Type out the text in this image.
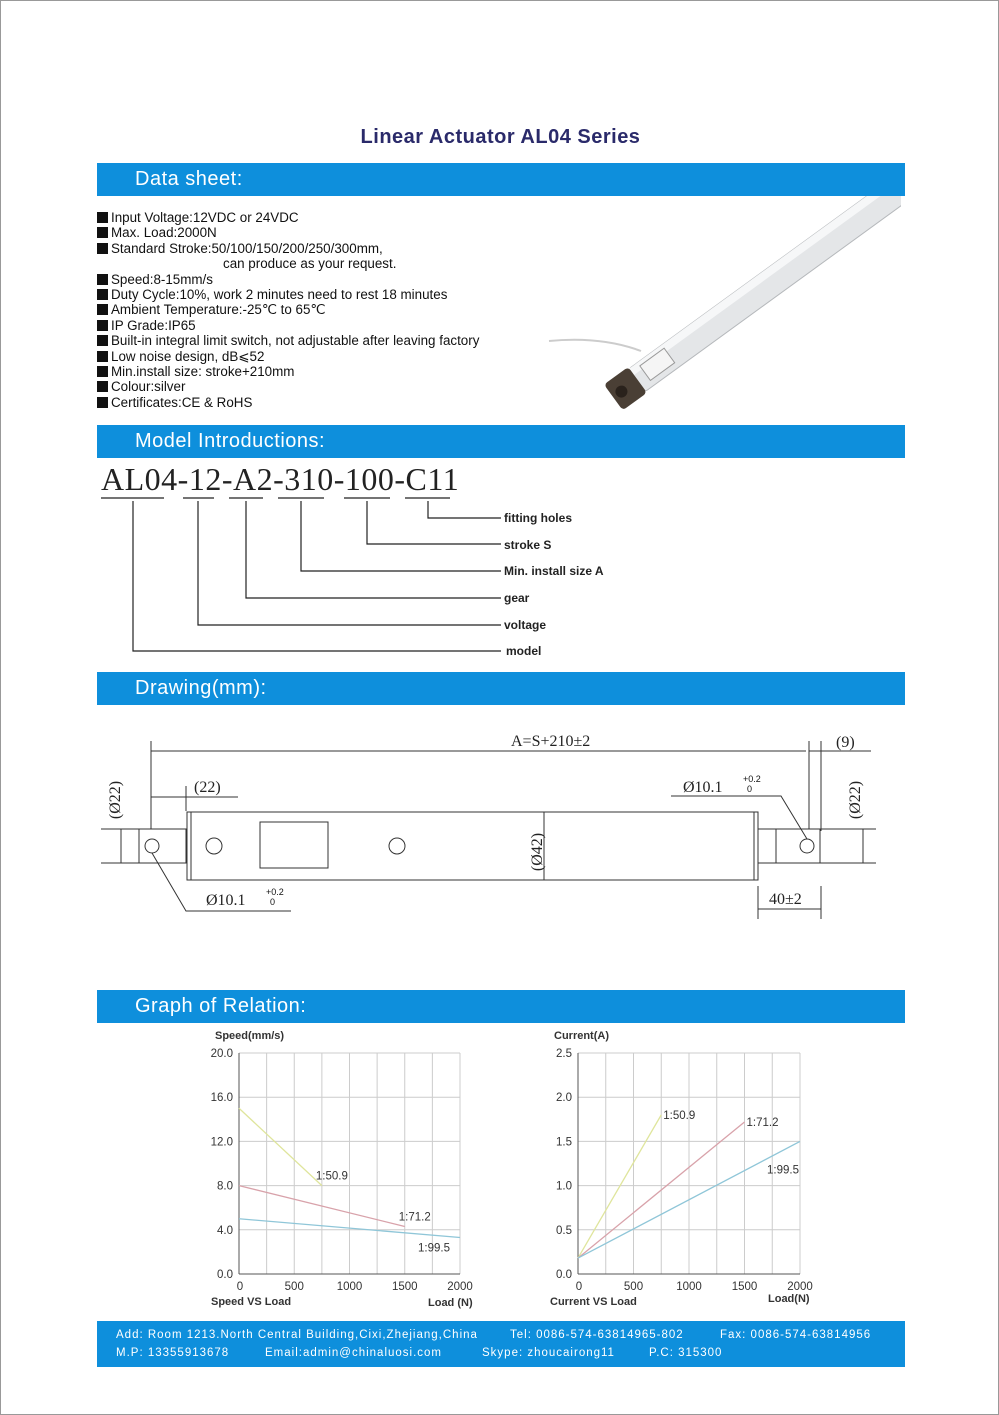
Linear Actuator AL04 Series
Data sheet:
Input Voltage:12VDC or 24VDC
Max. Load:2000N
Standard Stroke:50/100/150/200/250/300mm,
can produce as your request.
Speed:8-15mm/s
Duty Cycle:10%, work 2 minutes need to rest 18 minutes
Ambient Temperature:-25℃ to 65℃
IP Grade:IP65
Built-in integral limit switch, not adjustable after leaving factory
Low noise design, dB⩽52
Min.install size: stroke+210mm
Colour:silver
Certificates:CE & RoHS
Model Introductions:
AL04-12-A2-310-100-C11
fitting holes
stroke S
Min. install size A
gear
voltage
model
Drawing(mm):
A=S+210±2	(9)
(Ø22)
(Ø22)
(22)
(Ø42)
Ø10.1 +0.2
0
Ø10.1 +0.2
0
40±2
Graph of Relation:
0.0
4.0
8.0
12.0
16.0
20.0
0	500	1000	1500	2000
Speed(mm/s)
Speed VS Load	Load (N)
1:50.9
1:71.2
1:99.5
0.0
0.5
1.0
1.5
2.0
2.5
0	500	1000	1500	2000
Current(A)
Current VS Load	Load(N)
1:50.9
1:71.2
1:99.5
Add: Room 1213.North Central Building,Cixi,Zhejiang,China	Tel: 0086-574-63814965-802	Fax: 0086-574-63814956
M.P: 13355913678	Email:admin@chinaluosi.com	Skype: zhoucairong11	P.C: 315300
